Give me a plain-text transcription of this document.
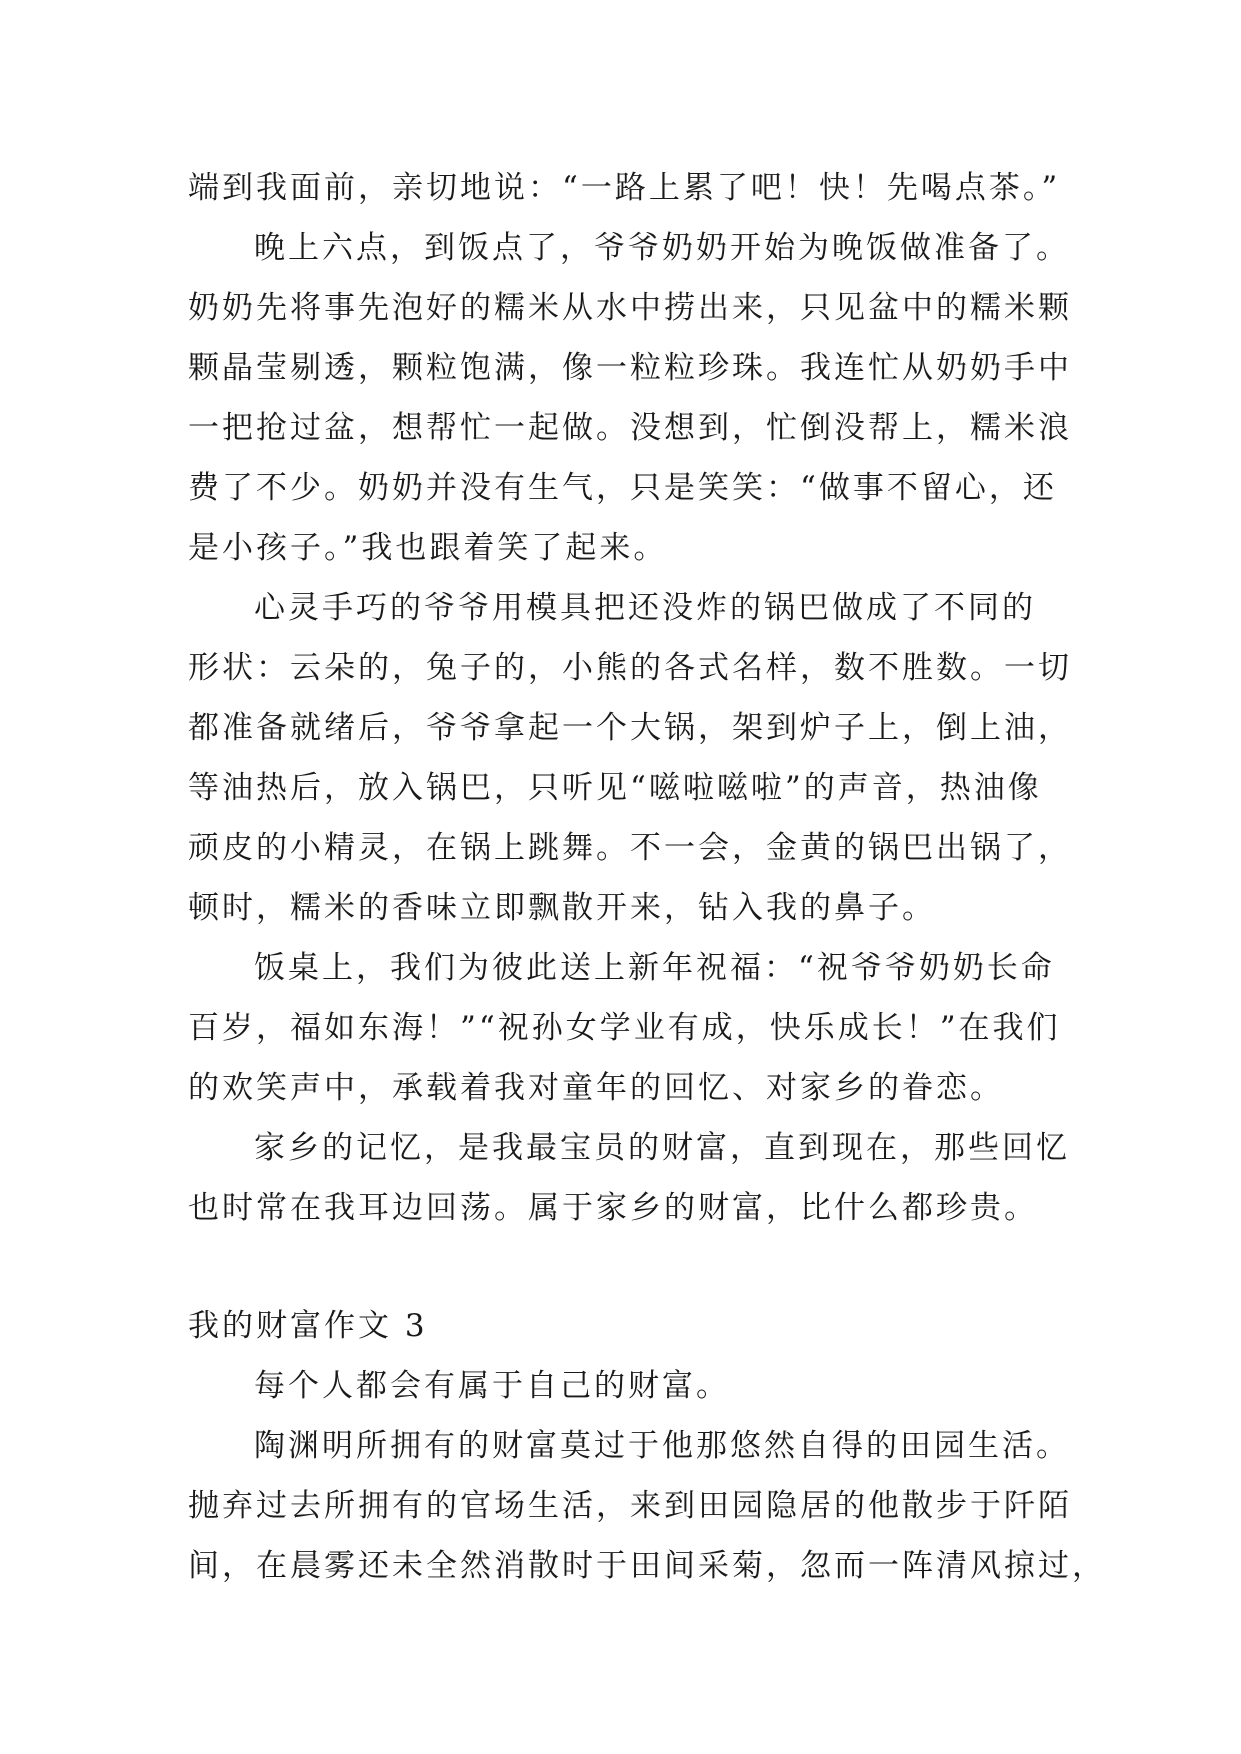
端到我面前，亲切地说：“一路上累了吧！快！先喝点茶。”
晚上六点，到饭点了，爷爷奶奶开始为晚饭做准备了。
奶奶先将事先泡好的糯米从水中捞出来，只见盆中的糯米颗
颗晶莹剔透，颗粒饱满，像一粒粒珍珠。我连忙从奶奶手中
一把抢过盆，想帮忙一起做。没想到，忙倒没帮上，糯米浪
费了不少。奶奶并没有生气，只是笑笑：“做事不留心，还
是小孩子。”我也跟着笑了起来。
心灵手巧的爷爷用模具把还没炸的锅巴做成了不同的
形状：云朵的，兔子的，小熊的各式名样，数不胜数。一切
都准备就绪后，爷爷拿起一个大锅，架到炉子上，倒上油，
等油热后，放入锅巴，只听见“嗞啦嗞啦”的声音，热油像
顽皮的小精灵，在锅上跳舞。不一会，金黄的锅巴出锅了，
顿时，糯米的香味立即飘散开来，钻入我的鼻子。
饭桌上，我们为彼此送上新年祝福：“祝爷爷奶奶长命
百岁，福如东海！”“祝孙女学业有成，快乐成长！”在我们
的欢笑声中，承载着我对童年的回忆、对家乡的眷恋。
家乡的记忆，是我最宝员的财富，直到现在，那些回忆
也时常在我耳边回荡。属于家乡的财富，比什么都珍贵。
我的财富作文 3
每个人都会有属于自己的财富。
陶渊明所拥有的财富莫过于他那悠然自得的田园生活。
抛弃过去所拥有的官场生活，来到田园隐居的他散步于阡陌
间，在晨雾还未全然消散时于田间采菊，忽而一阵清风掠过，
